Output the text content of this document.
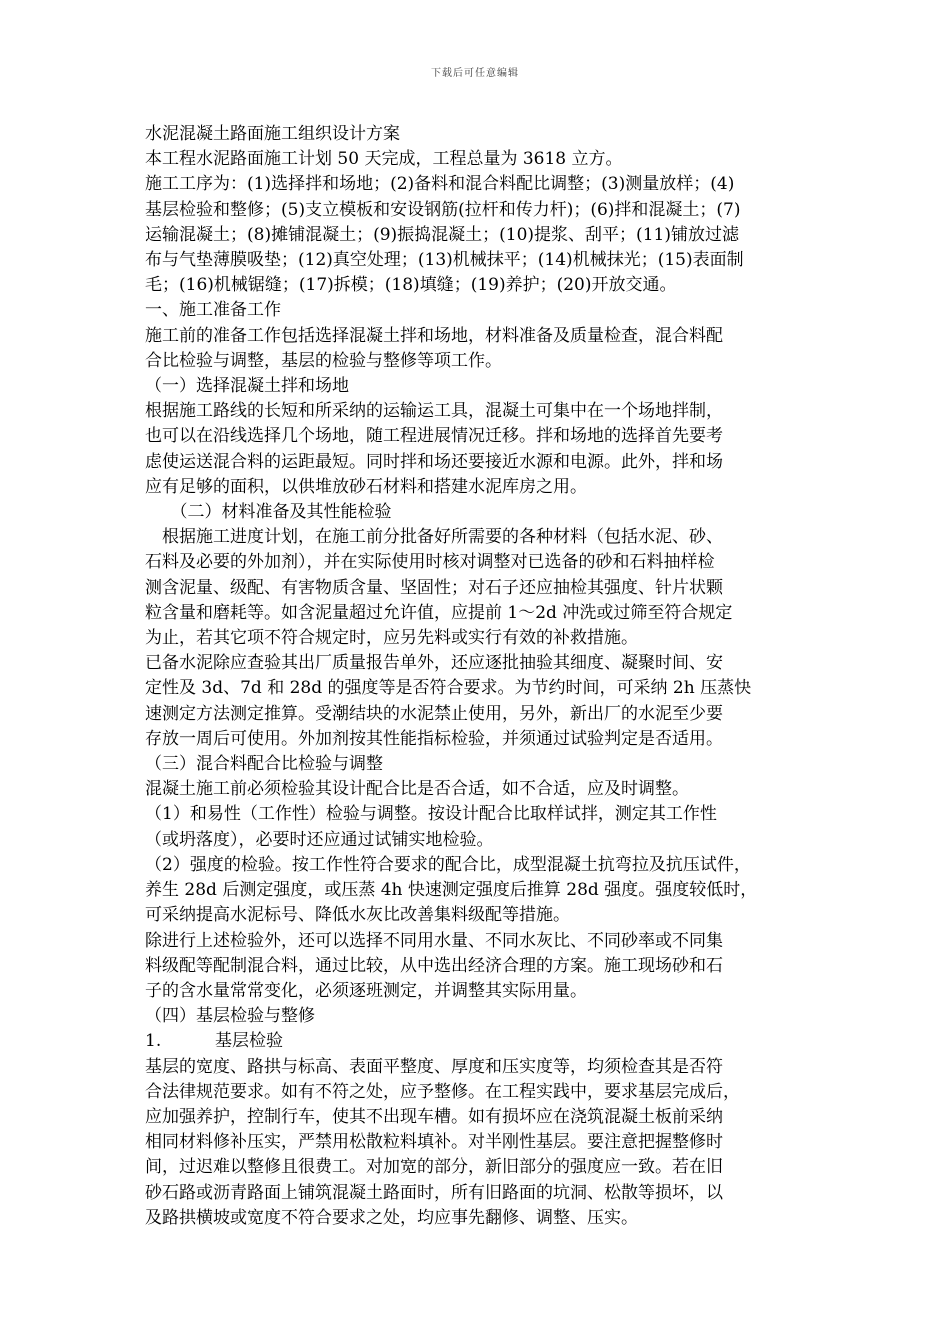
下载后可任意编辑

水泥混凝土路面施工组织设计方案

本工程水泥路面施工计划 50 天完成，工程总量为 3618 立方。

施工工序为：(1)选择拌和场地；(2)备料和混合料配比调整；(3)测量放样；(4)

基层检验和整修；(5)支立模板和安设钢筋(拉杆和传力杆)；(6)拌和混凝土；(7)

运输混凝土；(8)摊铺混凝土；(9)振捣混凝土；(10)提浆、刮平；(11)铺放过滤

布与气垫薄膜吸垫；(12)真空处理；(13)机械抹平；(14)机械抹光；(15)表面制

毛；(16)机械锯缝；(17)拆模；(18)填缝；(19)养护；(20)开放交通。

一、施工准备工作

施工前的准备工作包括选择混凝土拌和场地，材料准备及质量检查，混合料配

合比检验与调整，基层的检验与整修等项工作。

（一）选择混凝土拌和场地

根据施工路线的长短和所采纳的运输运工具，混凝土可集中在一个场地拌制，

也可以在沿线选择几个场地，随工程进展情况迁移。拌和场地的选择首先要考

虑使运送混合料的运距最短。同时拌和场还要接近水源和电源。此外，拌和场

应有足够的面积，以供堆放砂石材料和搭建水泥库房之用。

　　（二）材料准备及其性能检验

　根据施工进度计划，在施工前分批备好所需要的各种材料（包括水泥、砂、

石料及必要的外加剂），并在实际使用时核对调整对已选备的砂和石料抽样检

测含泥量、级配、有害物质含量、坚固性；对石子还应抽检其强度、针片状颗

粒含量和磨耗等。如含泥量超过允许值，应提前 1～2d 冲洗或过筛至符合规定

为止，若其它项不符合规定时，应另先料或实行有效的补救措施。

已备水泥除应查验其出厂质量报告单外，还应逐批抽验其细度、凝聚时间、安

定性及 3d、7d 和 28d 的强度等是否符合要求。为节约时间，可采纳 2h 压蒸快

速测定方法测定推算。受潮结块的水泥禁止使用，另外，新出厂的水泥至少要

存放一周后可使用。外加剂按其性能指标检验，并须通过试验判定是否适用。

（三）混合料配合比检验与调整

混凝土施工前必须检验其设计配合比是否合适，如不合适，应及时调整。

（1）和易性（工作性）检验与调整。按设计配合比取样试拌，测定其工作性

（或坍落度），必要时还应通过试铺实地检验。

（2）强度的检验。按工作性符合要求的配合比，成型混凝土抗弯拉及抗压试件，

养生 28d 后测定强度，或压蒸 4h 快速测定强度后推算 28d 强度。强度较低时，

可采纳提高水泥标号、降低水灰比改善集料级配等措施。

除进行上述检验外，还可以选择不同用水量、不同水灰比、不同砂率或不同集

料级配等配制混合料，通过比较，从中选出经济合理的方案。施工现场砂和石

子的含水量常常变化，必须逐班测定，并调整其实际用量。

（四）基层检验与整修

1.	基层检验

基层的宽度、路拱与标高、表面平整度、厚度和压实度等，均须检查其是否符

合法律规范要求。如有不符之处，应予整修。在工程实践中，要求基层完成后，

应加强养护，控制行车，使其不出现车槽。如有损坏应在浇筑混凝土板前采纳

相同材料修补压实，严禁用松散粒料填补。对半刚性基层。要注意把握整修时

间，过迟难以整修且很费工。对加宽的部分，新旧部分的强度应一致。若在旧

砂石路或沥青路面上铺筑混凝土路面时，所有旧路面的坑洞、松散等损坏，以

及路拱横坡或宽度不符合要求之处，均应事先翻修、调整、压实。
